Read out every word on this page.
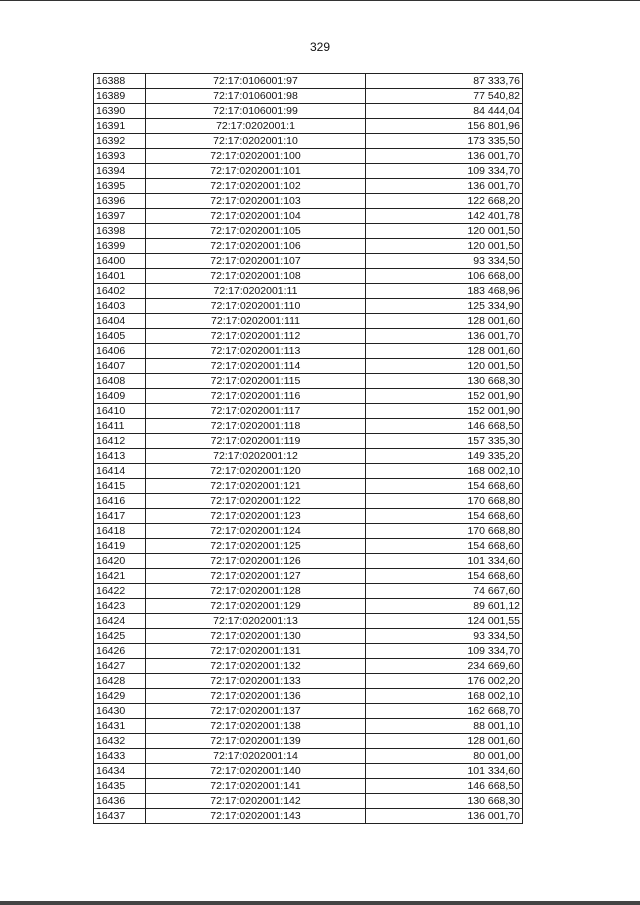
329
16388	72:17:0106001:97	87 333,76
16389	72:17:0106001:98	77 540,82
16390	72:17:0106001:99	84 444,04
16391	72:17:0202001:1	156 801,96
16392	72:17:0202001:10	173 335,50
16393	72:17:0202001:100	136 001,70
16394	72:17:0202001:101	109 334,70
16395	72:17:0202001:102	136 001,70
16396	72:17:0202001:103	122 668,20
16397	72:17:0202001:104	142 401,78
16398	72:17:0202001:105	120 001,50
16399	72:17:0202001:106	120 001,50
16400	72:17:0202001:107	93 334,50
16401	72:17:0202001:108	106 668,00
16402	72:17:0202001:11	183 468,96
16403	72:17:0202001:110	125 334,90
16404	72:17:0202001:111	128 001,60
16405	72:17:0202001:112	136 001,70
16406	72:17:0202001:113	128 001,60
16407	72:17:0202001:114	120 001,50
16408	72:17:0202001:115	130 668,30
16409	72:17:0202001:116	152 001,90
16410	72:17:0202001:117	152 001,90
16411	72:17:0202001:118	146 668,50
16412	72:17:0202001:119	157 335,30
16413	72:17:0202001:12	149 335,20
16414	72:17:0202001:120	168 002,10
16415	72:17:0202001:121	154 668,60
16416	72:17:0202001:122	170 668,80
16417	72:17:0202001:123	154 668,60
16418	72:17:0202001:124	170 668,80
16419	72:17:0202001:125	154 668,60
16420	72:17:0202001:126	101 334,60
16421	72:17:0202001:127	154 668,60
16422	72:17:0202001:128	74 667,60
16423	72:17:0202001:129	89 601,12
16424	72:17:0202001:13	124 001,55
16425	72:17:0202001:130	93 334,50
16426	72:17:0202001:131	109 334,70
16427	72:17:0202001:132	234 669,60
16428	72:17:0202001:133	176 002,20
16429	72:17:0202001:136	168 002,10
16430	72:17:0202001:137	162 668,70
16431	72:17:0202001:138	88 001,10
16432	72:17:0202001:139	128 001,60
16433	72:17:0202001:14	80 001,00
16434	72:17:0202001:140	101 334,60
16435	72:17:0202001:141	146 668,50
16436	72:17:0202001:142	130 668,30
16437	72:17:0202001:143	136 001,70
